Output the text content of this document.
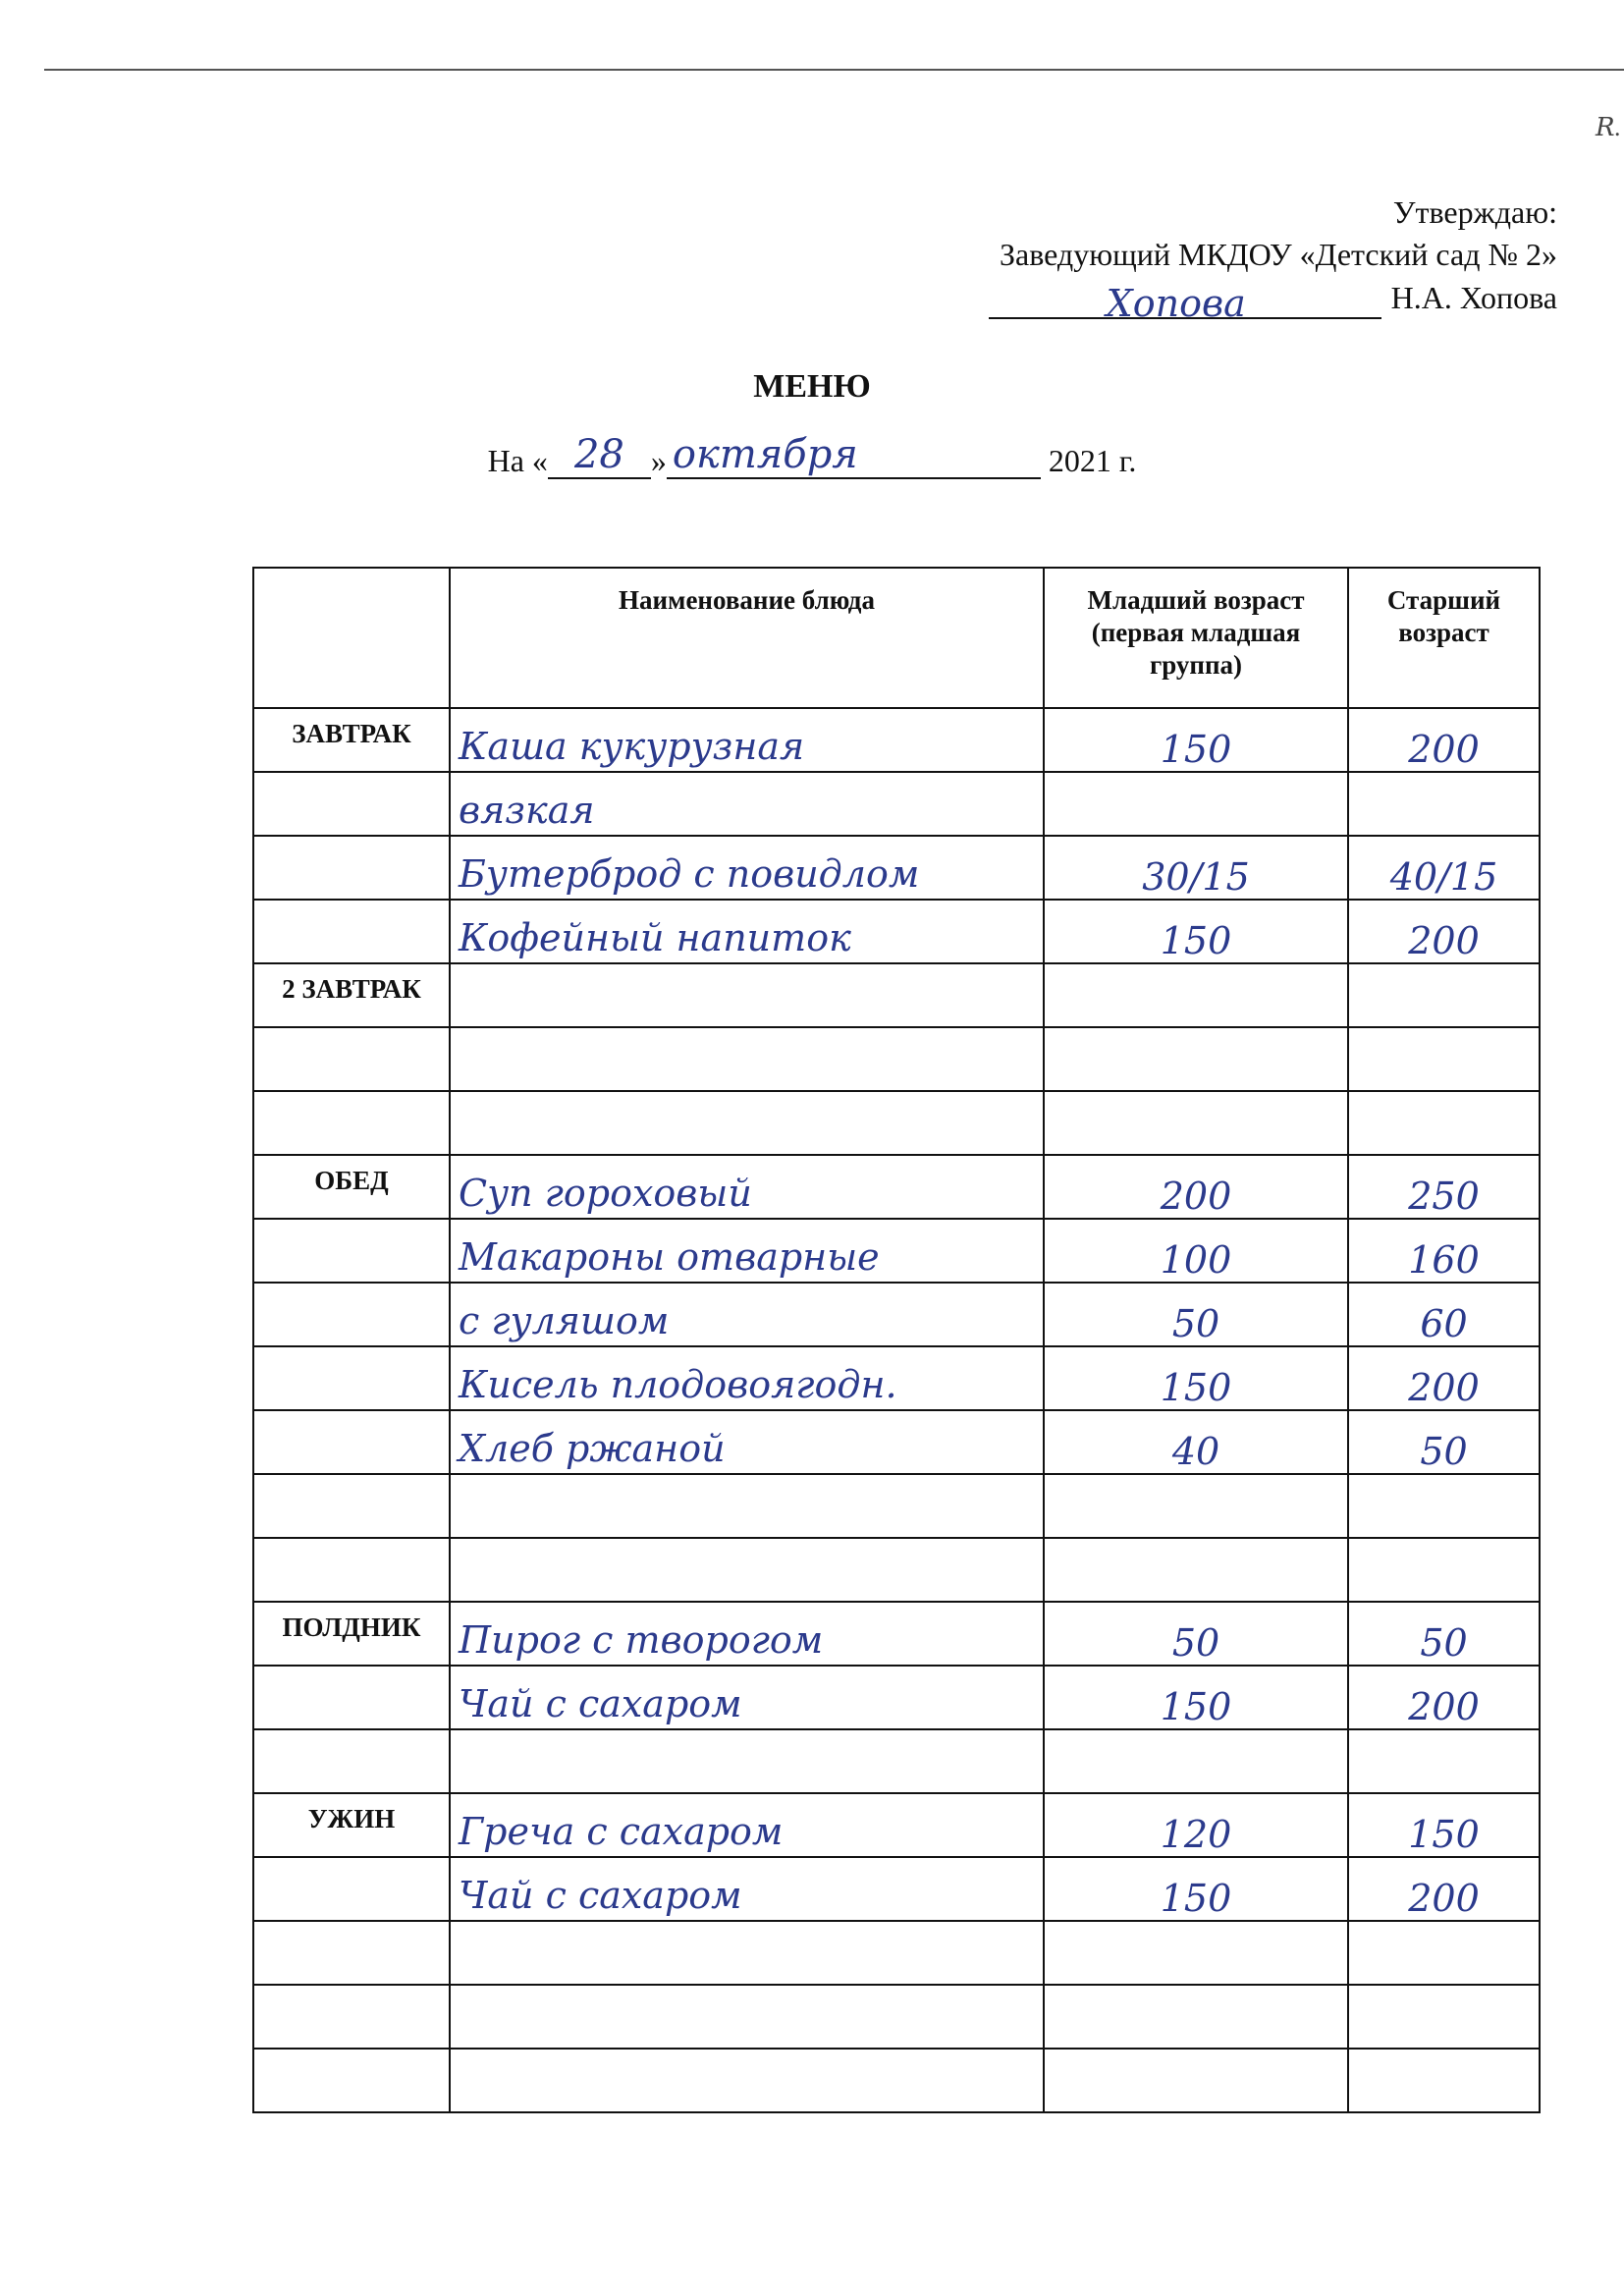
𝑅.
Утверждаю:
Заведующий МКДОУ «Детский сад № 2»
Хопова	Н.А. Хопова
МЕНЮ
На « 28 » октября	2021 г.
	Наименование блюда	Младший возраст (первая младшая группа)	Старший возраст
ЗАВТРАК	Каша кукурузная	150	200
	вязкая		
	Бутерброд с повидлом	30/15	40/15
	Кофейный напиток	150	200
2 ЗАВТРАК			

ОБЕД	Суп гороховый	200	250
	Макароны отварные	100	160
	с гуляшом	50	60
	Кисель плодовоягодн.	150	200
	Хлеб ржаной	40	50

ПОЛДНИК	Пирог с творогом	50	50
	Чай с сахаром	150	200

УЖИН	Греча с сахаром	120	150
	Чай с сахаром	150	200
